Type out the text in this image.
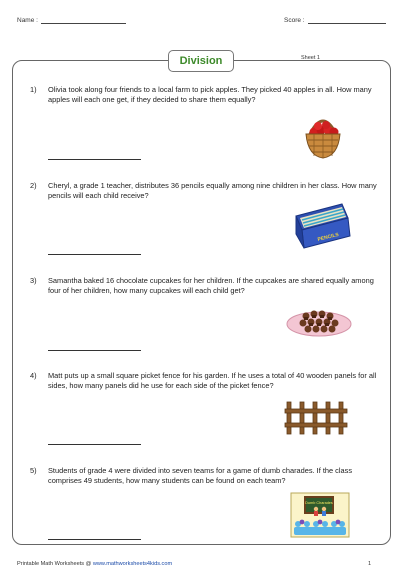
Name :	Score :
Division	Sheet 1
1) Olivia took along four friends to a local farm to pick apples. They picked 40 apples in all. How many apples will each one get, if they decided to share them equally?
2) Cheryl, a grade 1 teacher, distributes 36 pencils equally among nine children in her class. How many pencils will each child receive?
PENCILS
3) Samantha baked 16 chocolate cupcakes for her children. If the cupcakes are shared equally among four of her children, how many cupcakes will each child get?
4) Matt puts up a small square picket fence for his garden. If he uses a total of 40 wooden panels for all sides, how many panels did he use for each side of the picket fence?
5) Students of grade 4 were divided into seven teams for a game of dumb charades. If the class comprises 49 students, how many students can be found on each team?
Dumb Charades
Printable Math Worksheets @ www.mathworksheets4kids.com	1
